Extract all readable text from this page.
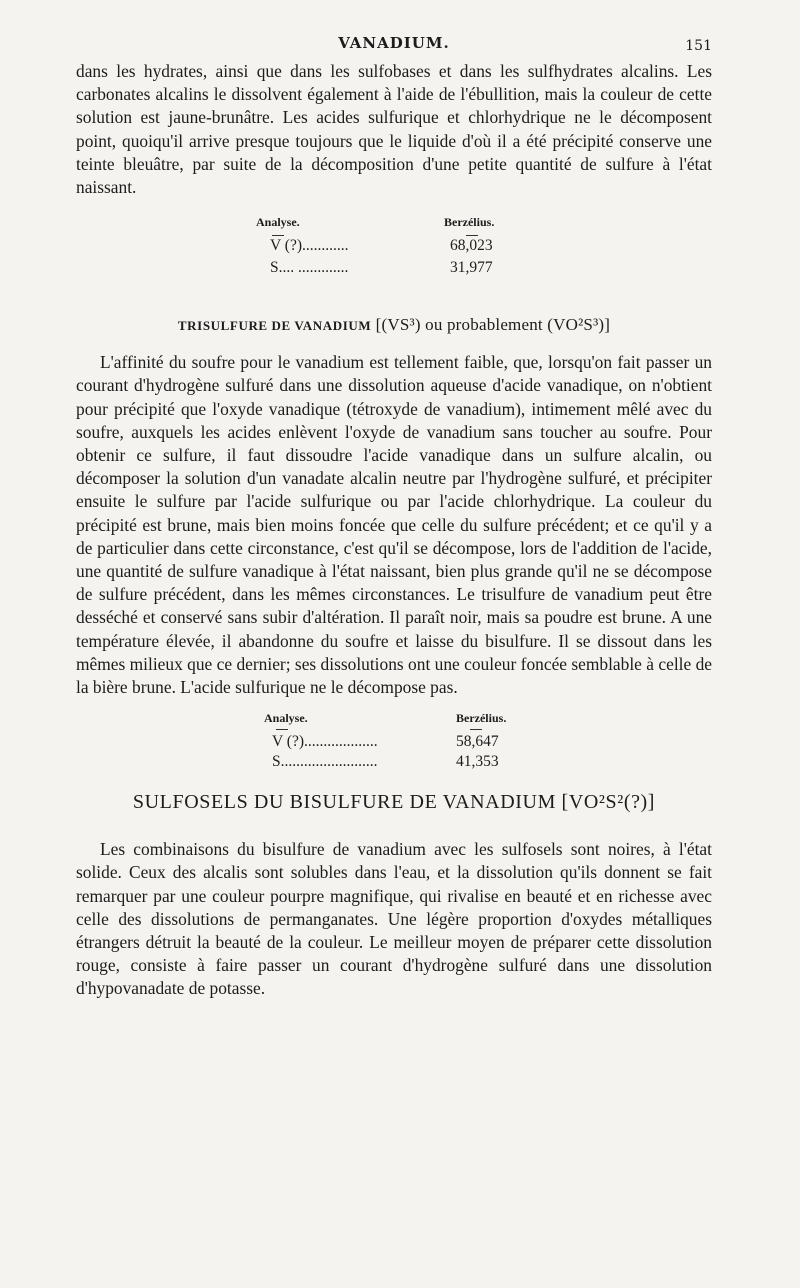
VANADIUM.	151

dans les hydrates, ainsi que dans les sulfobases et dans les sulfhydrates alcalins. Les carbonates alcalins le dissolvent également à l'aide de l'ébullition, mais la couleur de cette solution est jaune-brunâtre. Les acides sulfurique et chlorhydrique ne le décomposent point, quoiqu'il arrive presque toujours que le liquide d'où il a été précipité conserve une teinte bleuâtre, par suite de la décomposition d'une petite quantité de sulfure à l'état naissant.

Analyse.	Berzélius.
V (?)............	68,023
S.... .............	31,977
TRISULFURE DE VANADIUM [(VS³) ou probablement (VO²S³)]

L'affinité du soufre pour le vanadium est tellement faible, que, lorsqu'on fait passer un courant d'hydrogène sulfuré dans une dissolution aqueuse d'acide vanadique, on n'obtient pour précipité que l'oxyde vanadique (tétroxyde de vanadium), intimement mêlé avec du soufre, auxquels les acides enlèvent l'oxyde de vanadium sans toucher au soufre. Pour obtenir ce sulfure, il faut dissoudre l'acide vanadique dans un sulfure alcalin, ou décomposer la solution d'un vanadate alcalin neutre par l'hydrogène sulfuré, et précipiter ensuite le sulfure par l'acide sulfurique ou par l'acide chlorhydrique. La couleur du précipité est brune, mais bien moins foncée que celle du sulfure précédent; et ce qu'il y a de particulier dans cette circonstance, c'est qu'il se décompose, lors de l'addition de l'acide, une quantité de sulfure vanadique à l'état naissant, bien plus grande qu'il ne se décompose de sulfure précédent, dans les mêmes circonstances. Le trisulfure de vanadium peut être desséché et conservé sans subir d'altération. Il paraît noir, mais sa poudre est brune. A une température élevée, il abandonne du soufre et laisse du bisulfure. Il se dissout dans les mêmes milieux que ce dernier; ses dissolutions ont une couleur foncée semblable à celle de la bière brune. L'acide sulfurique ne le décompose pas.

Analyse.	Berzélius.
V (?)...................	58,647
S.........................	41,353
SULFOSELS DU BISULFURE DE VANADIUM [VO²S²(?)]

Les combinaisons du bisulfure de vanadium avec les sulfosels sont noires, à l'état solide. Ceux des alcalis sont solubles dans l'eau, et la dissolution qu'ils donnent se fait remarquer par une couleur pourpre magnifique, qui rivalise en beauté et en richesse avec celle des dissolutions de permanganates. Une légère proportion d'oxydes métalliques étrangers détruit la beauté de la couleur. Le meilleur moyen de préparer cette dissolution rouge, consiste à faire passer un courant d'hydrogène sulfuré dans une dissolution d'hypovanadate de potasse.
